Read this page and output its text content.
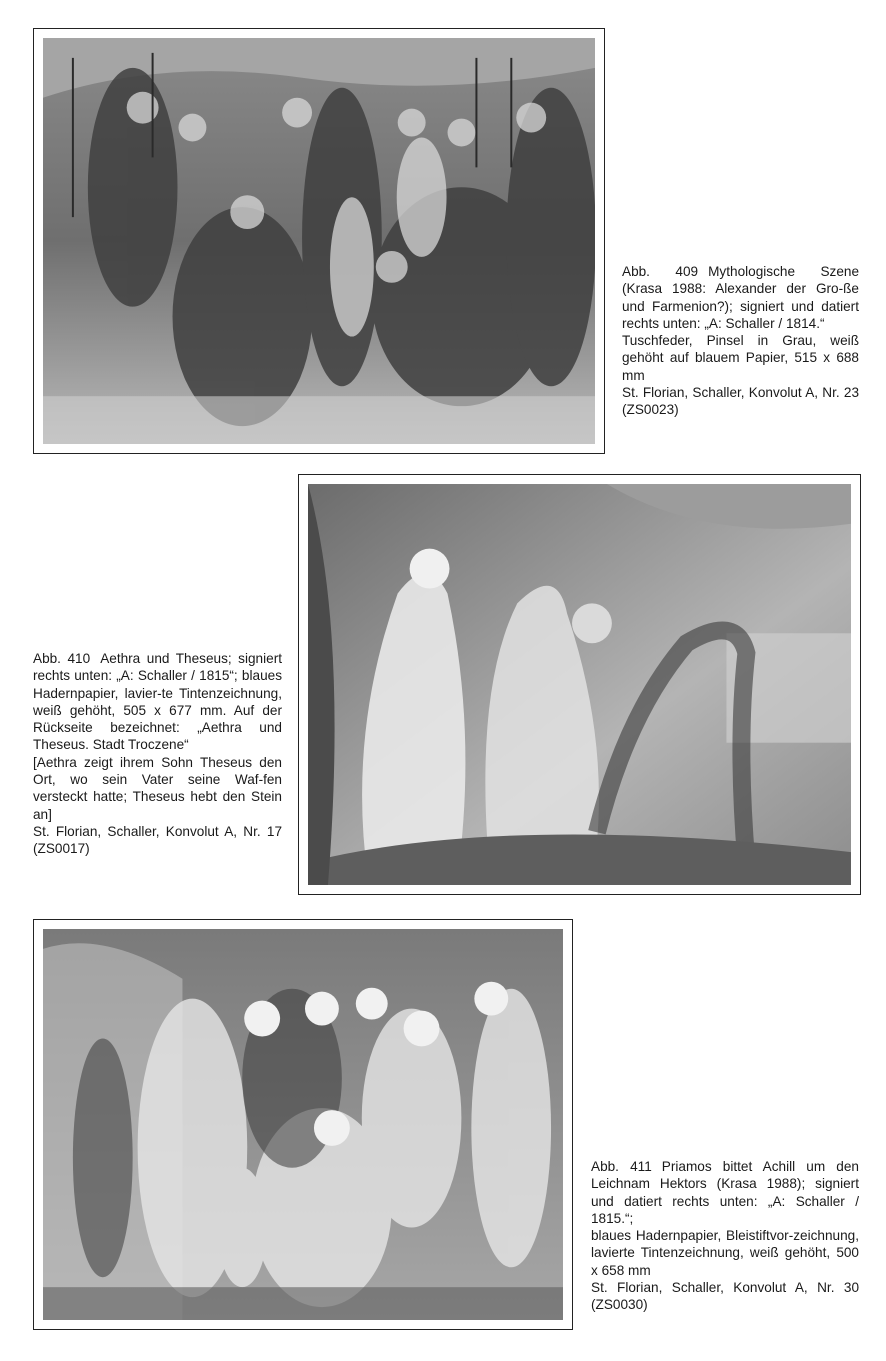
Abb. 409 Mythologische Szene (Krasa 1988: Alexander der Gro-ße und Farmenion?); signiert und datiert rechts unten: „A: Schaller / 1814.“

Tuschfeder, Pinsel in Grau, weiß gehöht auf blauem Papier, 515 x 688 mm

St. Florian, Schaller, Konvolut A, Nr. 23 (ZS0023)

Abb. 410 Aethra und Theseus; signiert rechts unten: „A: Schaller / 1815“; blaues Hadernpapier, lavier-te Tintenzeichnung, weiß gehöht, 505 x 677 mm. Auf der Rückseite bezeichnet: „Aethra und Theseus. Stadt Troczene“

[Aethra zeigt ihrem Sohn Theseus den Ort, wo sein Vater seine Waf-fen versteckt hatte; Theseus hebt den Stein an]

St. Florian, Schaller, Konvolut A, Nr. 17 (ZS0017)

Abb. 411 Priamos bittet Achill um den Leichnam Hektors (Krasa 1988); signiert und datiert rechts unten: „A: Schaller / 1815.“;

blaues Hadernpapier, Bleistiftvor-zeichnung, lavierte Tintenzeichnung, weiß gehöht, 500 x 658 mm

St. Florian, Schaller, Konvolut A, Nr. 30 (ZS0030)
